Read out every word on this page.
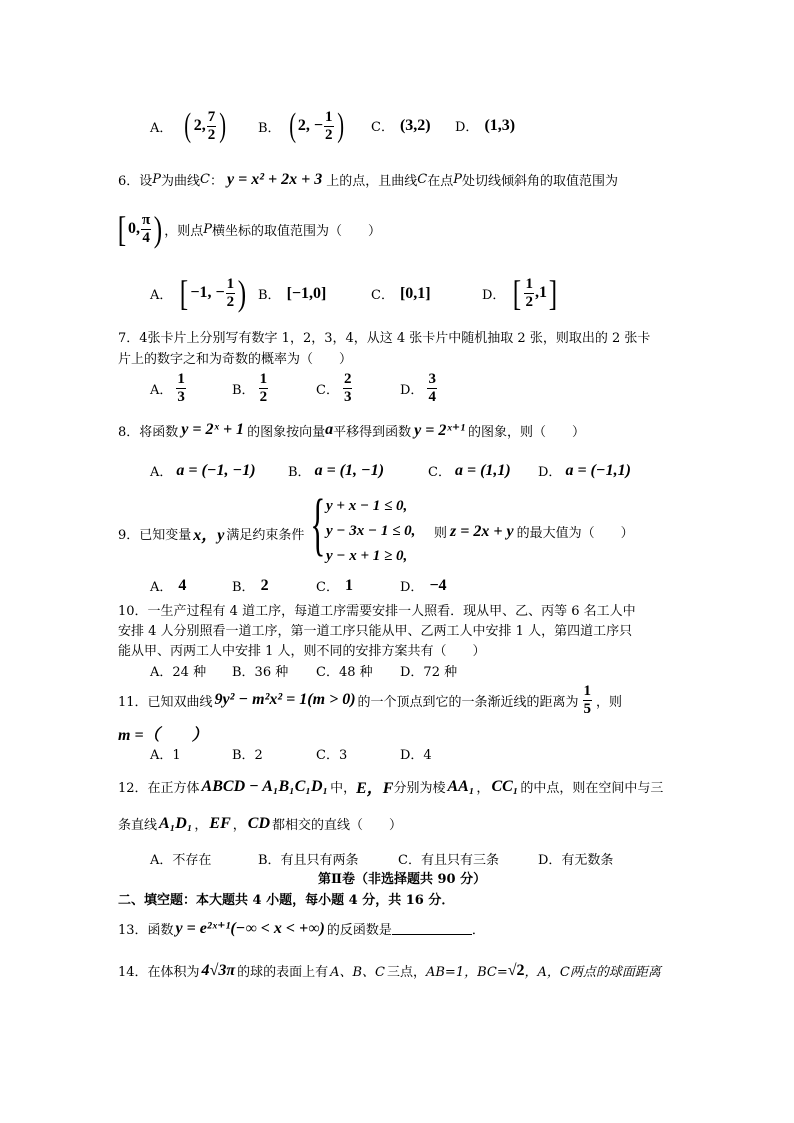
A． ( 2, $\frac{7}{2}$ ) B． ( 2, − $\frac{1}{2}$ ) C． (3,2) D． (1,3)
6．设 P 为曲线 C ： y = x² + 2x + 3 上的点，且曲线 C 在点 P 处切线倾斜角的取值范围为
[ 0, $\frac{\pi}{4}$ ) ，则点 P 横坐标的取值范围为（　　）
A． [ −1, − $\frac{1}{2}$ ) B． [−1,0]	C． [0,1]	D． [ $\frac{1}{2} ,1$ ]
7．4张卡片上分别写有数字 1，2，3，4，从这 4 张卡片中随机抽取 2 张，则取出的 2 张卡
片上的数字之和为奇数的概率为（　　）
A． $\frac{1}{3}$	B． $\frac{1}{2}$	C． $\frac{2}{3}$	D． $\frac{3}{4}$
8．将函数 y = 2ˣ + 1 的图象按向量 a 平移得到函数 y = 2ˣ⁺¹ 的图象，则（　　）
A． a = (−1, −1) B． a = (1, −1)	C． a = (1,1) D． a = (−1,1)
9．已知变量 x，y 满足约束条件 { y + x − 1 ≤ 0,
y − 3x − 1 ≤ 0,
y − x + 1 ≥ 0,
则 z = 2x + y 的最大值为（　　）
A． 4	B． 2	C． 1	D． −4
10．一生产过程有 4 道工序，每道工序需要安排一人照看．现从甲、乙、丙等 6 名工人中
安排 4 人分别照看一道工序，第一道工序只能从甲、乙两工人中安排 1 人，第四道工序只
能从甲、丙两工人中安排 1 人，则不同的安排方案共有（　　）
A．24 种 B．36 种 C．48 种 D．72 种
11．已知双曲线 9y² − m²x² = 1(m > 0) 的一个顶点到它的一条渐近线的距离为 $\frac{1}{5}$ ，则
m =（　　）
A．1	B．2	C．3	D．4
12．在正方体 ABCD − A₁B₁C₁D₁ 中， E，F 分别为棱 AA₁ ， CC₁ 的中点，则在空间中与三
条直线 A₁D₁ ， EF ， CD 都相交的直线（　　）
A．不存在	B．有且只有两条	C．有且只有三条	D．有无数条
第Ⅱ卷（非选择题共 90 分）
二、填空题：本大题共 4 小题，每小题 4 分，共 16 分．
13．函数 y = e²ˣ⁺¹(−∞ < x < +∞) 的反函数是	．
14．在体积为 4√3π 的球的表面上有 A、B、C 三点， AB=1，BC= √2 ，A，C两点的球面距离
